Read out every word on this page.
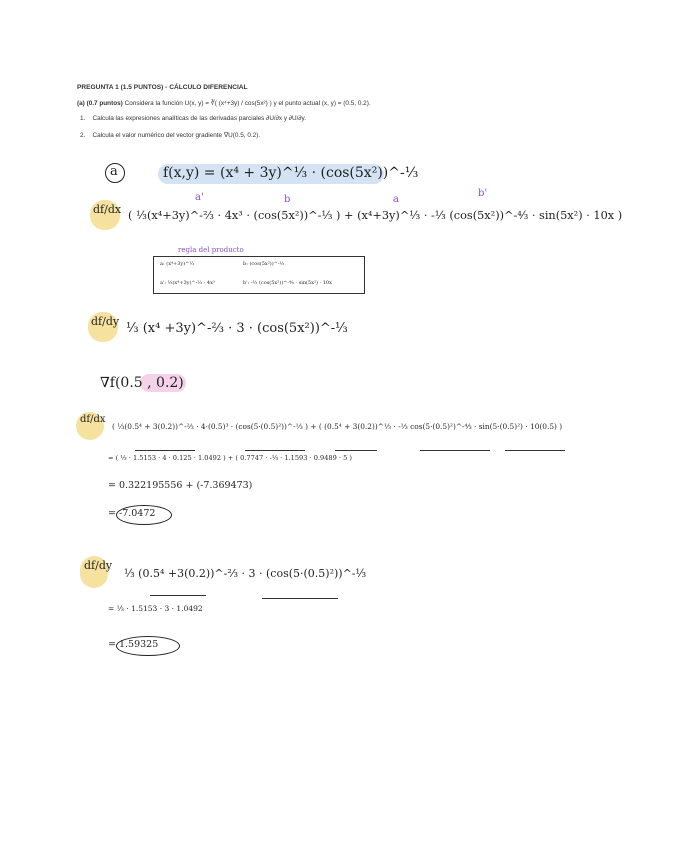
PREGUNTA 1 (1.5 PUNTOS) - CÁLCULO DIFERENCIAL
(a) (0.7 puntos) Considera la función U(x, y) = ∛( (x⁴+3y) / cos(5x²) ) y el punto actual (x, y) = (0.5, 0.2).
1. Calcula las expresiones analíticas de las derivadas parciales ∂U/∂x y ∂U/∂y.
2. Calcula el valor numérico del vector gradiente ∇U(0.5, 0.2).
a	f(x,y) = (x⁴ + 3y)^⅓ · (cos(5x²))^-⅓
a'	b	a
b'
df/dx ( ⅓(x⁴+3y)^-⅔ · 4x³ · (cos(5x²))^-⅓ ) + (x⁴+3y)^⅓ · -⅓ (cos(5x²))^-⁴⁄₃ · sin(5x²) · 10x )
regla del producto
a: (x⁴+3y)^⅓	b: (cos(5x²))^-⅓
a': ⅓(x⁴+3y)^-⅔ · 4x³	b': -⅓ (cos(5x²))^-⁴⁄₃ · sin(5x²) · 10x
df/dy ⅓ (x⁴ +3y)^-⅔ · 3 · (cos(5x²))^-⅓
∇f(0.5 , 0.2)
df/dx
( ⅓(0.5⁴ + 3(0.2))^-⅔ · 4·(0.5)³ · (cos(5·(0.5)²))^-⅓ ) + ( (0.5⁴ + 3(0.2))^⅓ · -⅓ cos(5·(0.5)²)^-⁴⁄₃ · sin(5·(0.5)²) · 10(0.5) )
= ( ⅓ · 1.5153 · 4 · 0.125 · 1.0492 ) + ( 0.7747 · -⅓ · 1.1593 · 0.9489 · 5 )
= 0.322195556 + (-7.369473)
= -7.0472
df/dy
⅓ (0.5⁴ +3(0.2))^-⅔ · 3 · (cos(5·(0.5)²))^-⅓
= ⅓ · 1.5153 · 3 · 1.0492
= 1.59325
